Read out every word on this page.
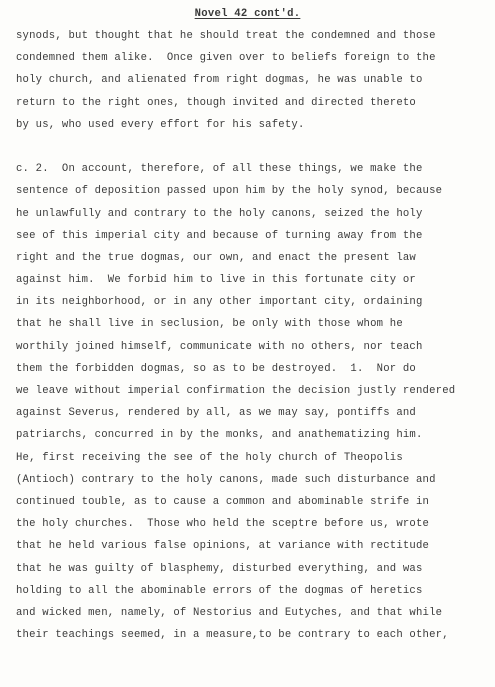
Novel 42 cont'd.
synods, but thought that he should treat the condemned and those
condemned them alike.  Once given over to beliefs foreign to the
holy church, and alienated from right dogmas, he was unable to
return to the right ones, though invited and directed thereto
by us, who used every effort for his safety.
c. 2.  On account, therefore, of all these things, we make the
sentence of deposition passed upon him by the holy synod, because
he unlawfully and contrary to the holy canons, seized the holy
see of this imperial city and because of turning away from the
right and the true dogmas, our own, and enact the present law
against him.  We forbid him to live in this fortunate city or
in its neighborhood, or in any other important city, ordaining
that he shall live in seclusion, be only with those whom he
worthily joined himself, communicate with no others, nor teach
them the forbidden dogmas, so as to be destroyed.  1.  Nor do
we leave without imperial confirmation the decision justly rendered
against Severus, rendered by all, as we may say, pontiffs and
patriarchs, concurred in by the monks, and anathematizing him.
He, first receiving the see of the holy church of Theopolis
(Antioch) contrary to the holy canons, made such disturbance and
continued touble, as to cause a common and abominable strife in
the holy churches.  Those who held the sceptre before us, wrote
that he held various false opinions, at variance with rectitude
that he was guilty of blasphemy, disturbed everything, and was
holding to all the abominable errors of the dogmas of heretics
and wicked men, namely, of Nestorius and Eutyches, and that while
their teachings seemed, in a measure,to be contrary to each other,
